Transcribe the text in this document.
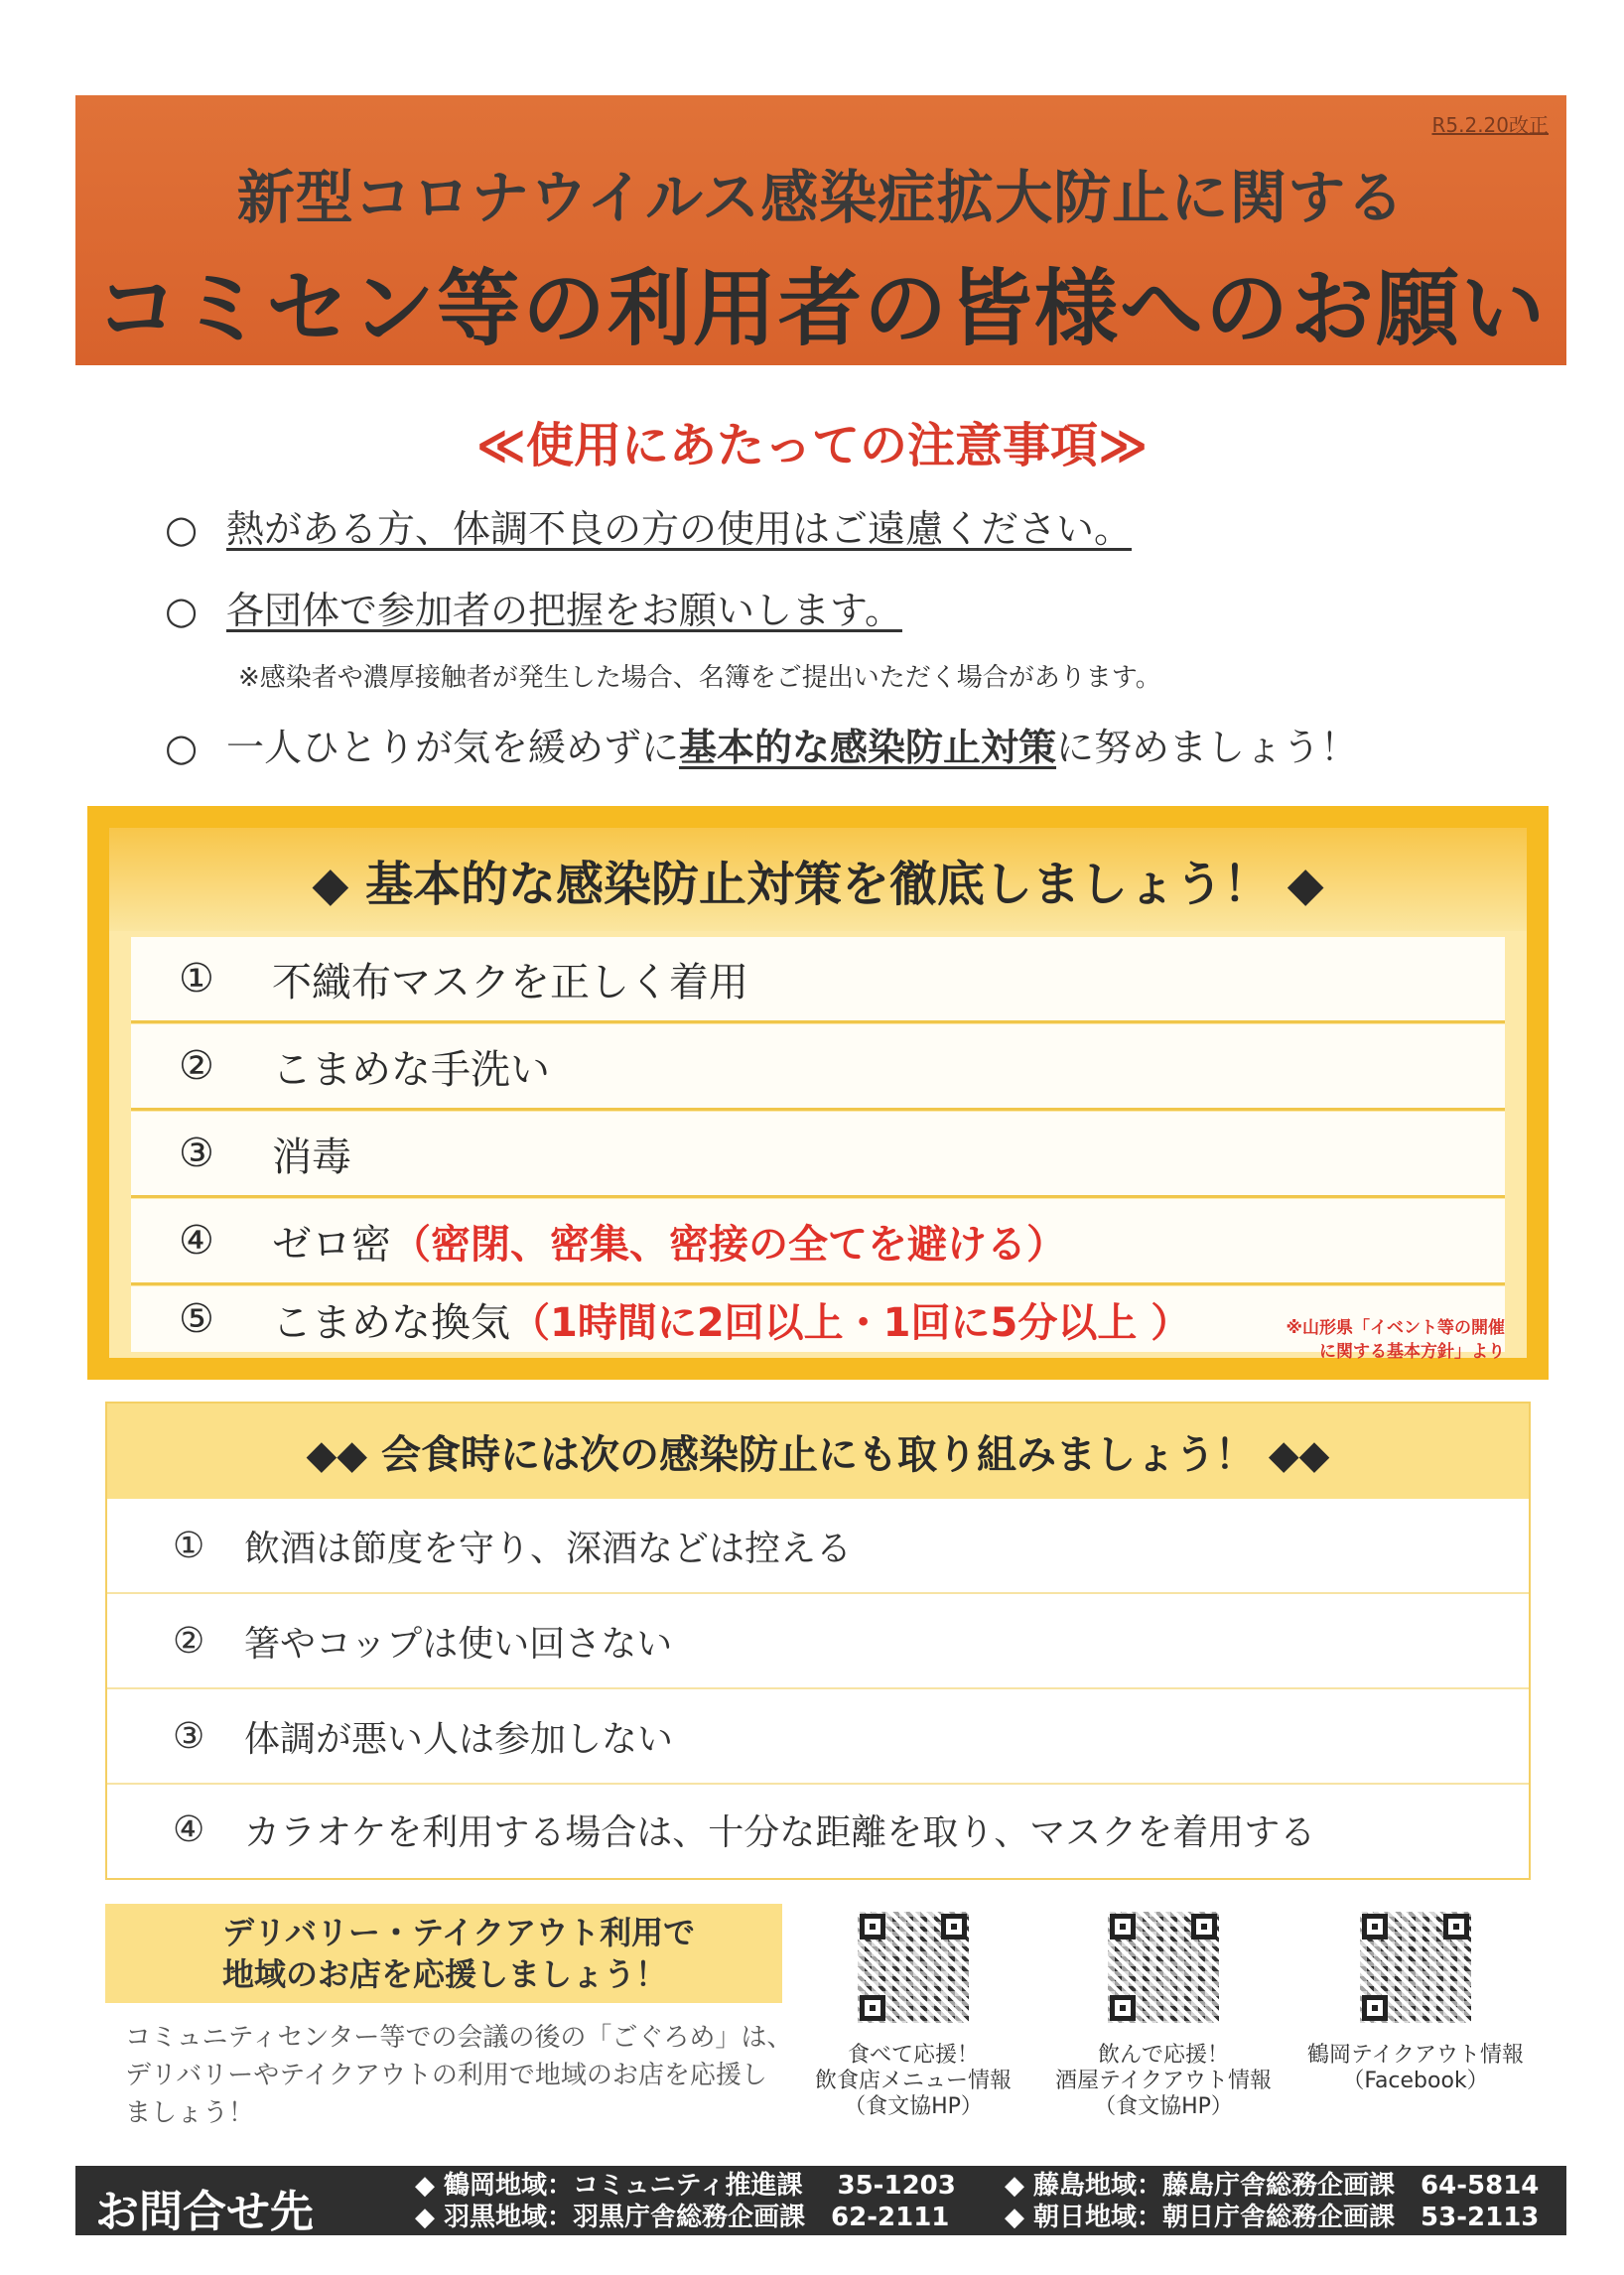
R5.2.20改正
新型コロナウイルス感染症拡大防止に関する
コミセン等の利用者の皆様へのお願い
≪使用にあたっての注意事項≫
○ 熱がある方、体調不良の方の使用はご遠慮ください。
○ 各団体で参加者の把握をお願いします。
※感染者や濃厚接触者が発生した場合、名簿をご提出いただく場合があります。
○ 一人ひとりが気を緩めずに基本的な感染防止対策に努めましょう！
◆ 基本的な感染防止対策を徹底しましょう！ ◆
①	不織布マスクを正しく着用
②	こまめな手洗い
③	消毒
④	ゼロ密（密閉、密集、密接の全てを避ける）
⑤	こまめな換気（1時間に2回以上・1回に5分以上 ）	※山形県「イベント等の開催
に関する基本方針」より
◆◆ 会食時には次の感染防止にも取り組みましょう！ ◆◆
①	飲酒は節度を守り、深酒などは控える
②	箸やコップは使い回さない
③	体調が悪い人は参加しない
④	カラオケを利用する場合は、十分な距離を取り、マスクを着用する
デリバリー・テイクアウト利用で
地域のお店を応援しましょう！
コミュニティセンター等での会議の後の「ごぐろめ」は、
デリバリーやテイクアウトの利用で地域のお店を応援し
ましょう！
食べて応援！
飲食店メニュー情報
（食文協HP）
飲んで応援！
酒屋テイクアウト情報
（食文協HP）
鶴岡テイクアウト情報
（Facebook）
お問合せ先
◆ 鶴岡地域：コミュニティ推進課　 35-1203
◆ 羽黒地域：羽黒庁舎総務企画課　62-2111
◆ 藤島地域：藤島庁舎総務企画課　64-5814
◆ 朝日地域：朝日庁舎総務企画課　53-2113
